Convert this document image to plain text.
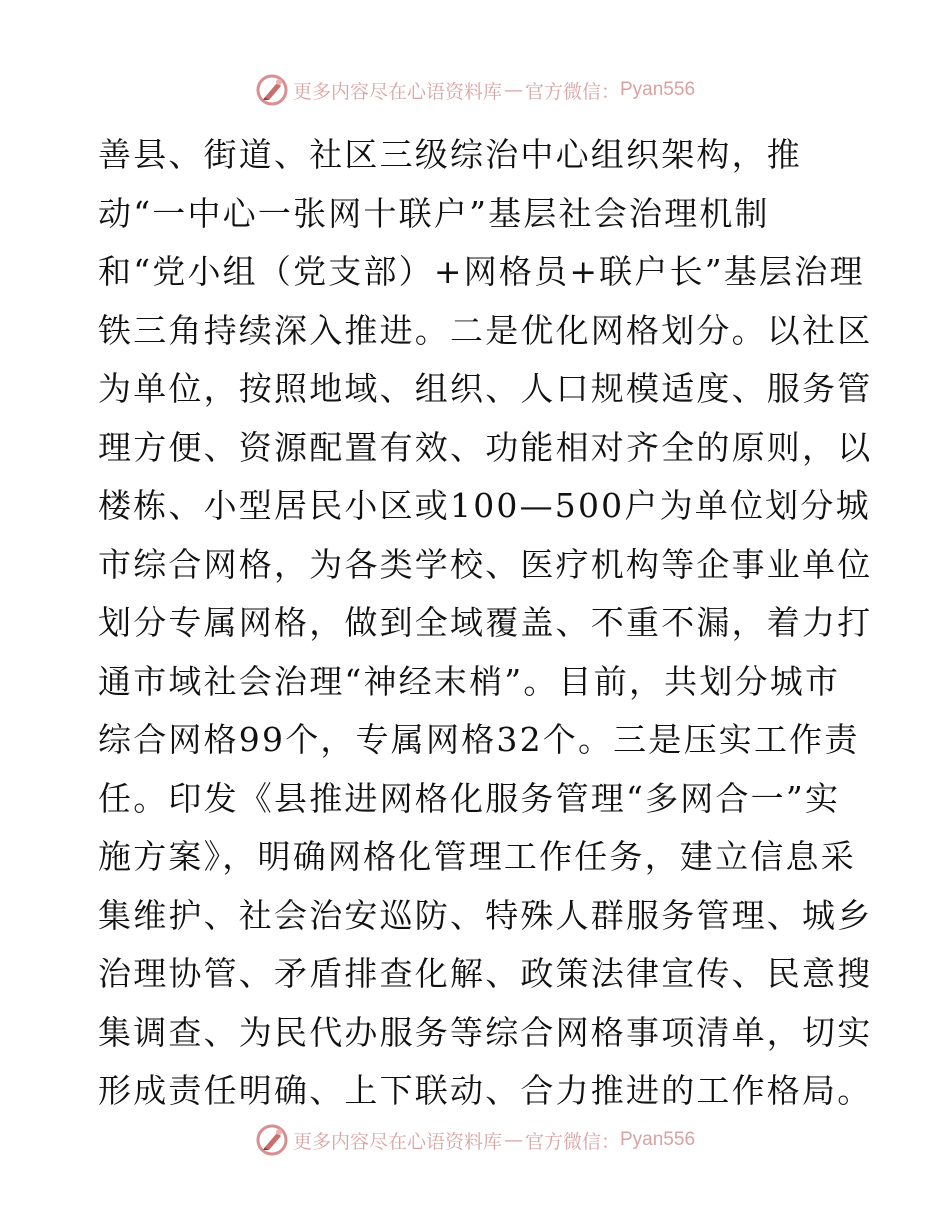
更多内容尽在心语资料库 — 官方微信： Pyan556
善县、街道、社区三级综治中心组织架构，推
动“一中心一张网十联户”基层社会治理机制
和“党小组（党支部）+网格员+联户长”基层治理
铁三角持续深入推进。二是优化网格划分。以社区
为单位，按照地域、组织、人口规模适度、服务管
理方便、资源配置有效、功能相对齐全的原则，以
楼栋、小型居民小区或100—500户为单位划分城
市综合网格，为各类学校、医疗机构等企事业单位
划分专属网格，做到全域覆盖、不重不漏，着力打
通市域社会治理“神经末梢”。目前，共划分城市
综合网格99个，专属网格32个。三是压实工作责
任。印发《县推进网格化服务管理“多网合一”实
施方案》，明确网格化管理工作任务，建立信息采
集维护、社会治安巡防、特殊人群服务管理、城乡
治理协管、矛盾排查化解、政策法律宣传、民意搜
集调查、为民代办服务等综合网格事项清单，切实
形成责任明确、上下联动、合力推进的工作格局。
更多内容尽在心语资料库 — 官方微信： Pyan556
